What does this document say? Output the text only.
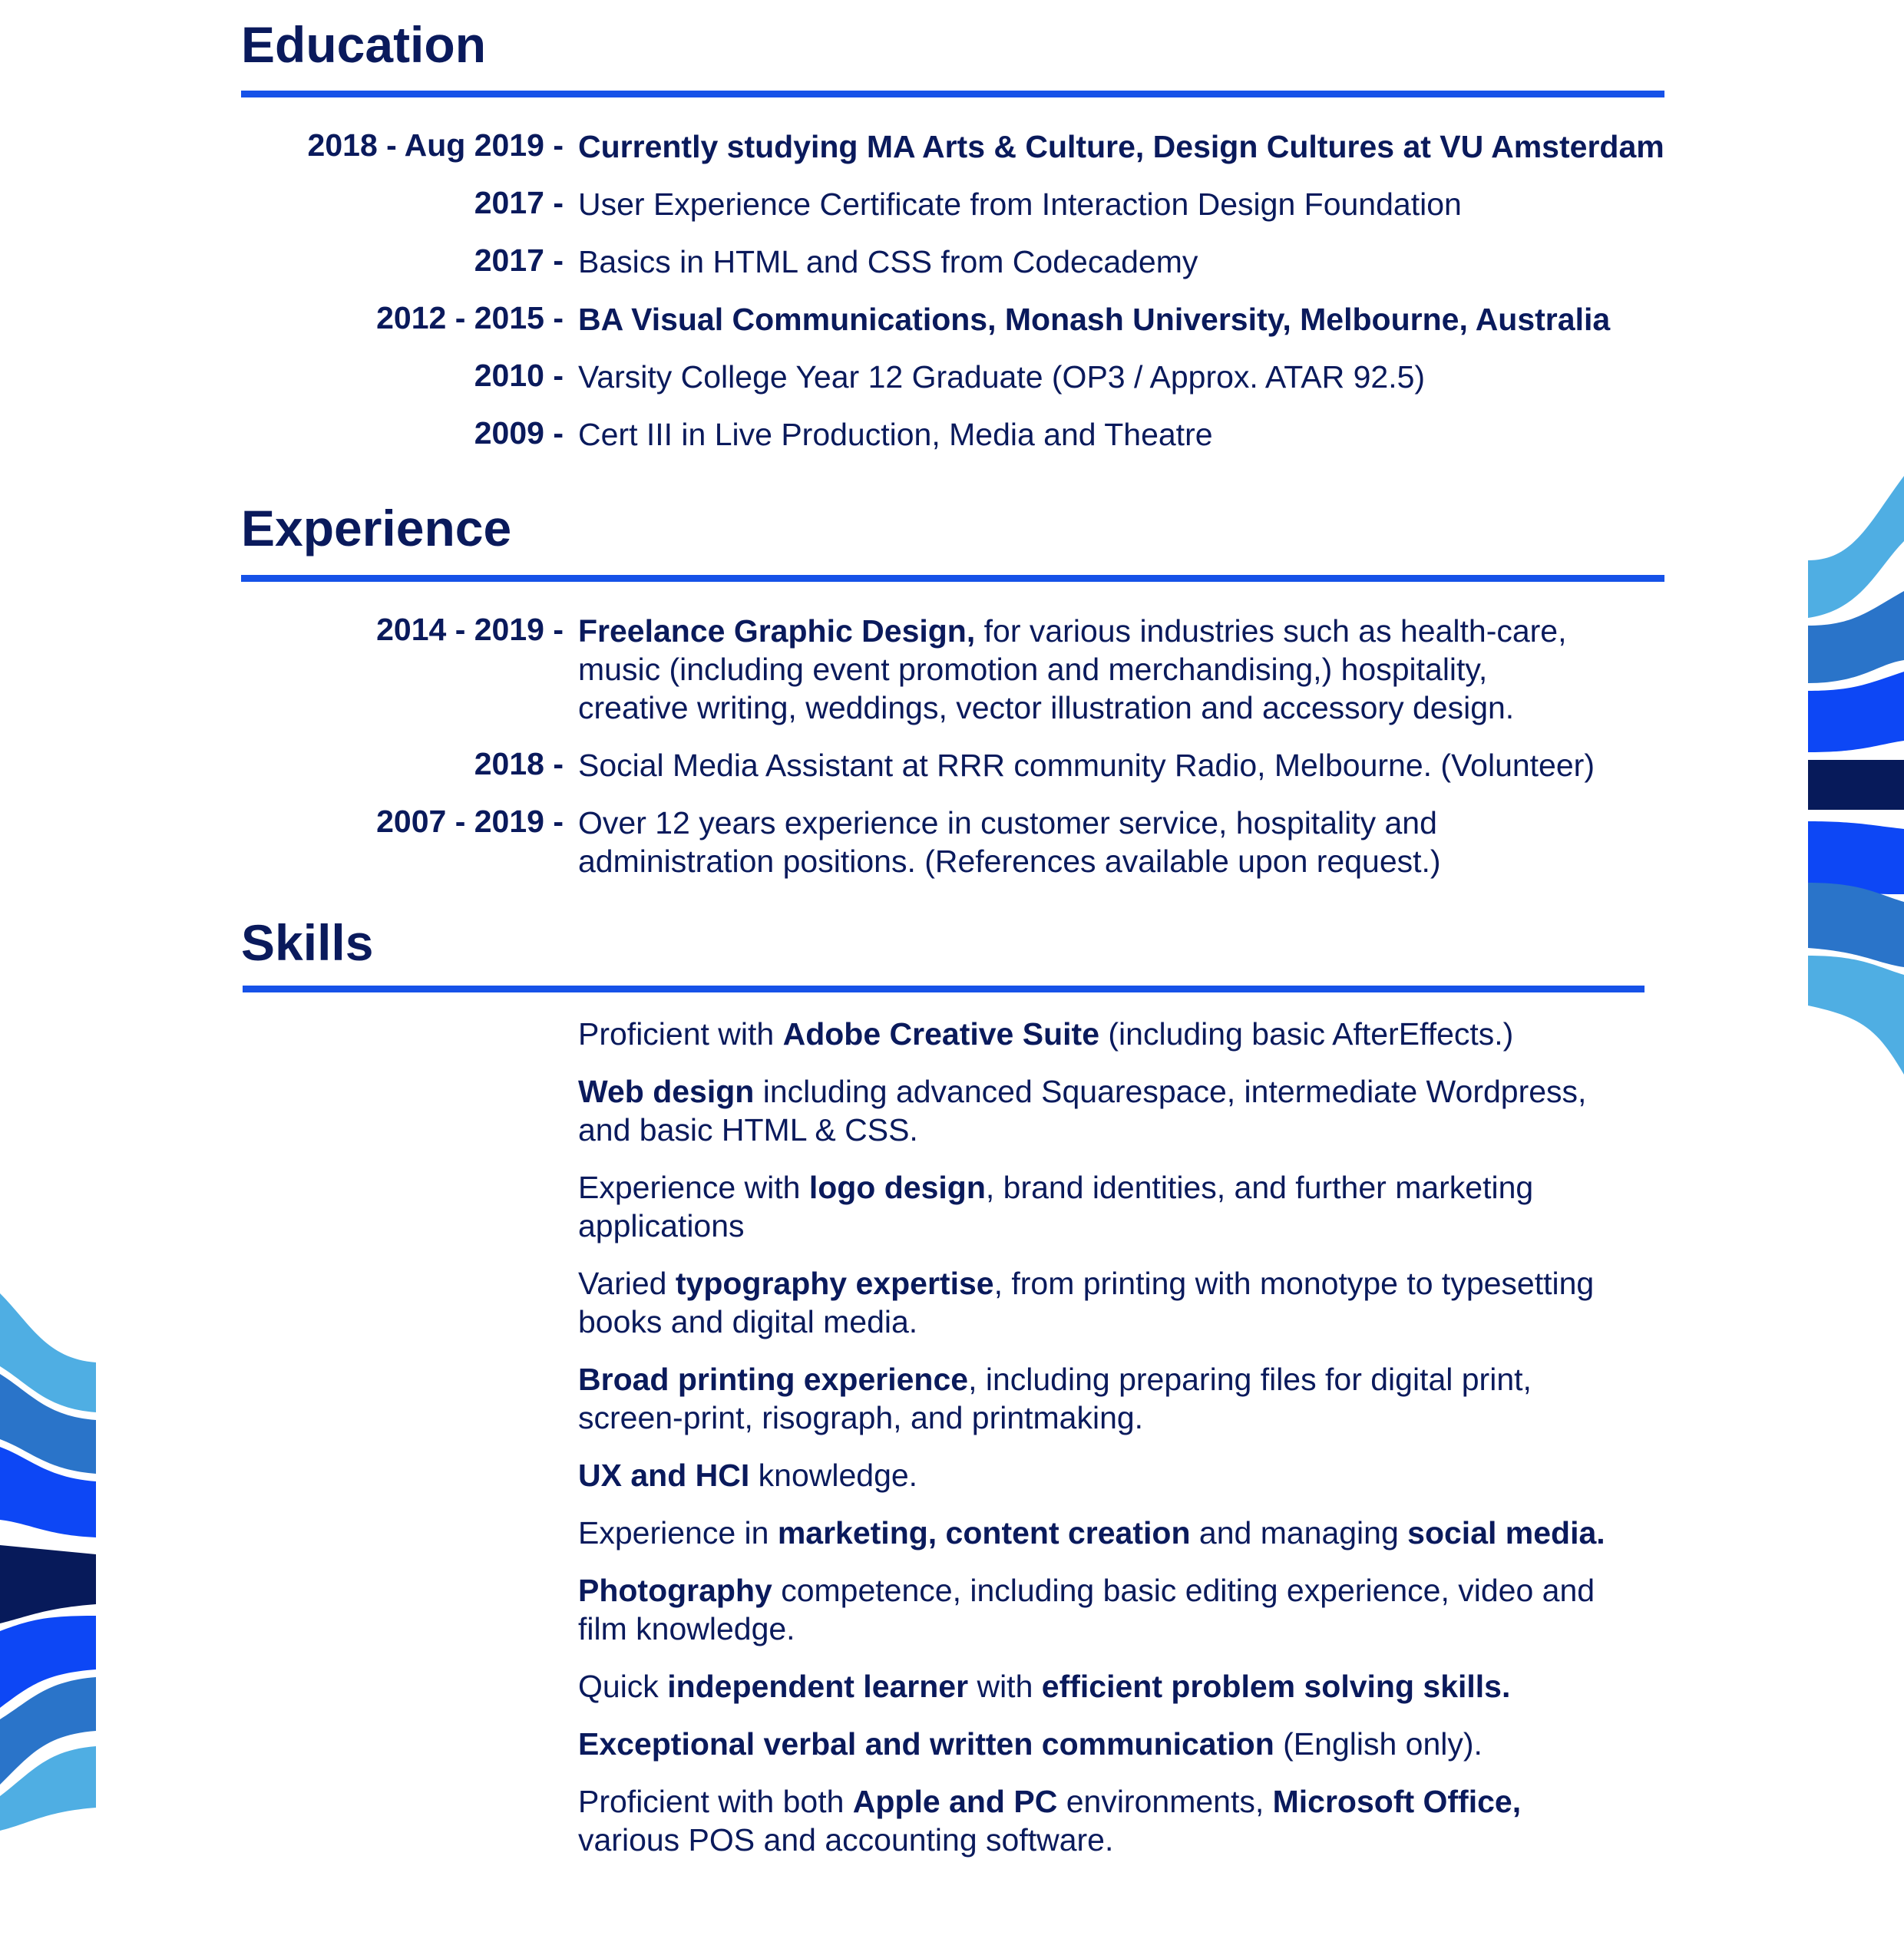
Education
2018 - Aug 2019 - Currently studying MA Arts & Culture, Design Cultures at VU Amsterdam
2017 - User Experience Certificate from Interaction Design Foundation
2017 - Basics in HTML and CSS from Codecademy
2012 - 2015 - BA Visual Communications, Monash University, Melbourne, Australia
2010 - Varsity College Year 12 Graduate (OP3 / Approx. ATAR 92.5)
2009 - Cert III in Live Production, Media and Theatre
Experience
2014 - 2019 - Freelance Graphic Design, for various industries such as health-care,
music (including event promotion and merchandising,) hospitality,
creative writing, weddings, vector illustration and accessory design.
2018 - Social Media Assistant at RRR community Radio, Melbourne. (Volunteer)
2007 - 2019 - Over 12 years experience in customer service, hospitality and
administration positions. (References available upon request.)
Skills
Proficient with Adobe Creative Suite (including basic AfterEffects.)
Web design including advanced Squarespace, intermediate Wordpress,
and basic HTML & CSS.
Experience with logo design, brand identities, and further marketing
applications
Varied typography expertise, from printing with monotype to typesetting
books and digital media.
Broad printing experience, including preparing files for digital print,
screen-print, risograph, and printmaking.
UX and HCI knowledge.
Experience in marketing, content creation and managing social media.
Photography competence, including basic editing experience, video and
film knowledge.
Quick independent learner with efficient problem solving skills.
Exceptional verbal and written communication (English only).
Proficient with both Apple and PC environments, Microsoft Office,
various POS and accounting software.
